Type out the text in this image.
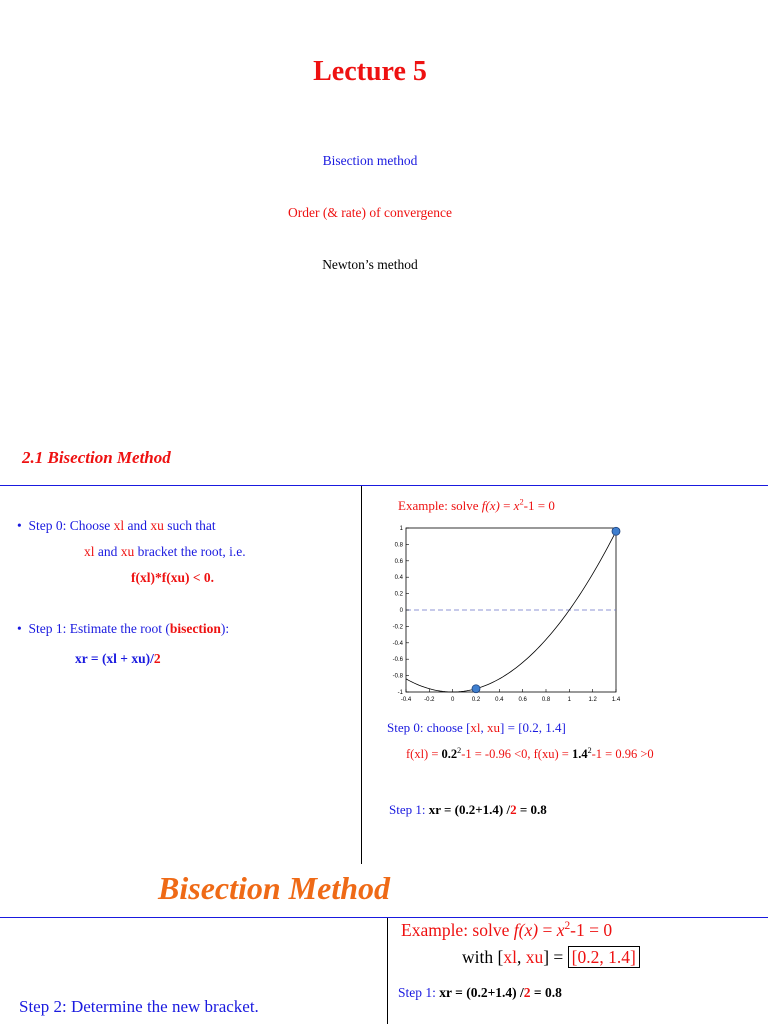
Lecture 5
Bisection method
Order (& rate) of convergence
Newton’s method
2.1 Bisection Method
• Step 0: Choose xl and xu such that
xl and xu bracket the root, i.e.
f(xl)*f(xu) < 0.
• Step 1: Estimate the root (bisection):
xr = (xl + xu)/2
Example: solve $f(x) = x^2-1 = 0$
-0.4 -0.2	0	0.2 0.4 0.6 0.8	1	1.2 1.4
-1
-0.8
-0.6
-0.4
-0.2
0
0.2
0.4
0.6
0.8
1
Step 0: choose [xl, xu] = [0.2, 1.4]
$f(xl) = 0.2^2-1 = -0.96 <0$, $f(xu) = 1.4^2-1 = 0.96 >0$
Step 1: xr = (0.2+1.4) /2 = 0.8
Bisection Method
Example: solve $f(x) = x^2-1 = 0$
with [xl, xu] = [0.2, 1.4]
Step 1: xr = (0.2+1.4) /2 = 0.8
Step 2: Determine the new bracket.
